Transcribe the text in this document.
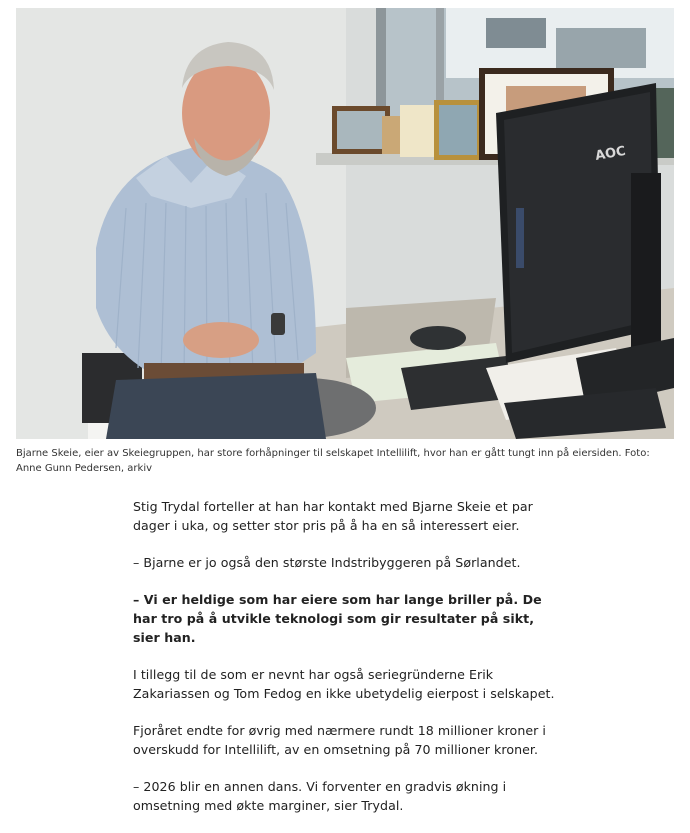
AOC
Bjarne Skeie, eier av Skeiegruppen, har store forhåpninger til selskapet Intellilift, hvor han er gått tungt inn på eiersiden. Foto: Anne Gunn Pedersen, arkiv

Stig Trydal forteller at han har kontakt med Bjarne Skeie et par dager i uka, og setter stor pris på å ha en så interessert eier.

– Bjarne er jo også den største Indstribyggeren på Sørlandet.

– Vi er heldige som har eiere som har lange briller på. De har tro på å utvikle teknologi som gir resultater på sikt, sier han.

I tillegg til de som er nevnt har også seriegründerne Erik Zakariassen og Tom Fedog en ikke ubetydelig eierpost i selskapet.

Fjoråret endte for øvrig med nærmere rundt 18 millioner kroner i overskudd for Intellilift, av en omsetning på 70 millioner kroner.

– 2026 blir en annen dans. Vi forventer en gradvis økning i omsetning med økte marginer, sier Trydal.
